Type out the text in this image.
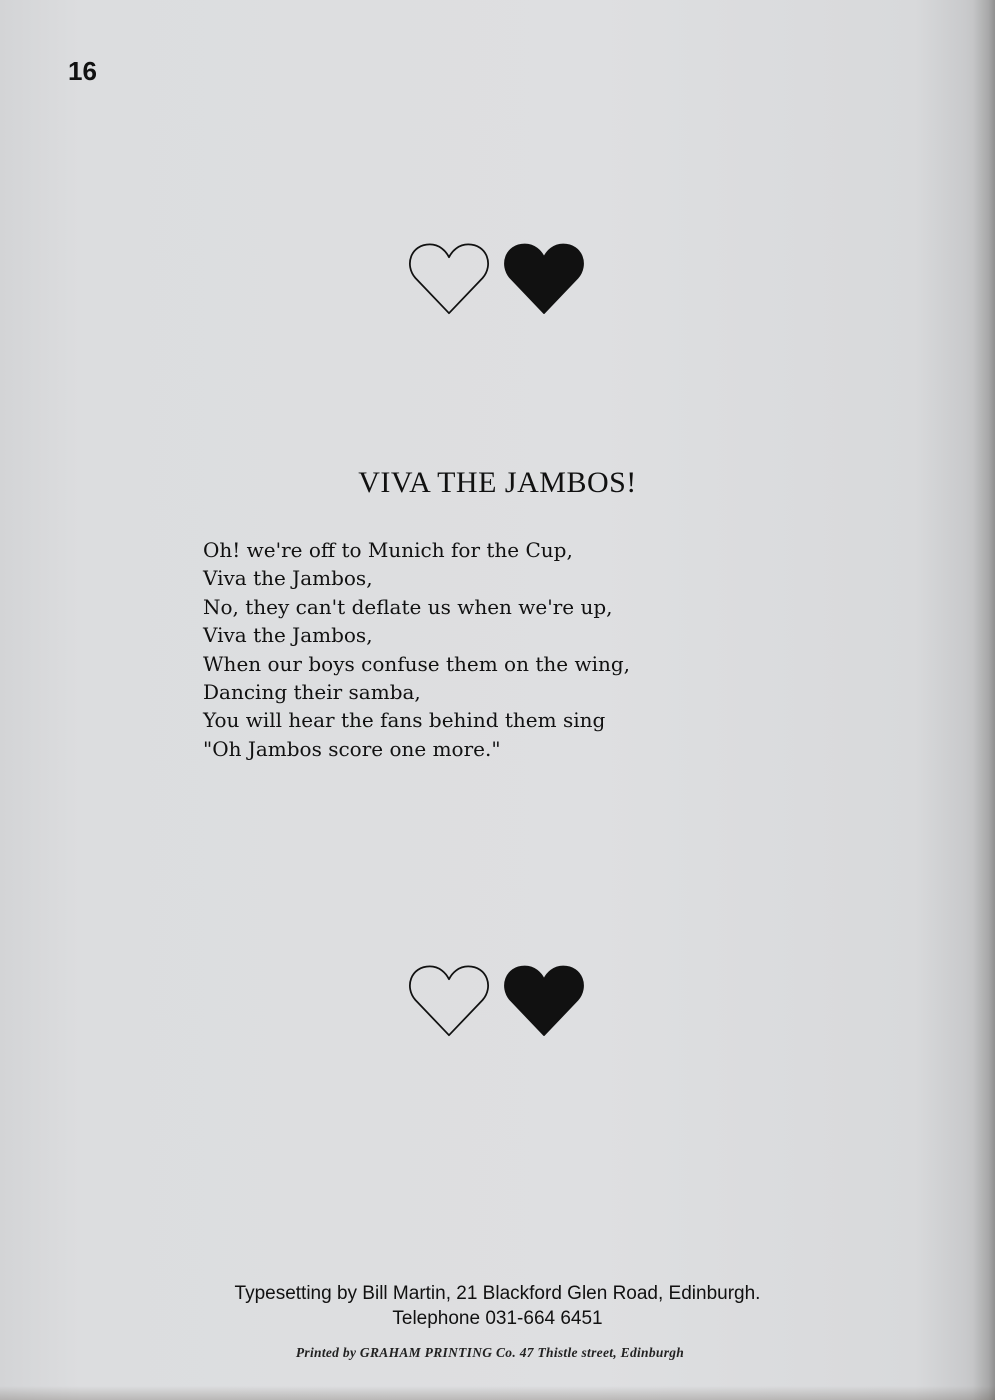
16
VIVA THE JAMBOS!
Oh! we're off to Munich for the Cup,
Viva the Jambos,
No, they can't deflate us when we're up,
Viva the Jambos,
When our boys confuse them on the wing,
Dancing their samba,
You will hear the fans behind them sing
"Oh Jambos score one more."
Typesetting by Bill Martin, 21 Blackford Glen Road, Edinburgh.
Telephone 031-664 6451
Printed by GRAHAM PRINTING Co. 47 Thistle street, Edinburgh
